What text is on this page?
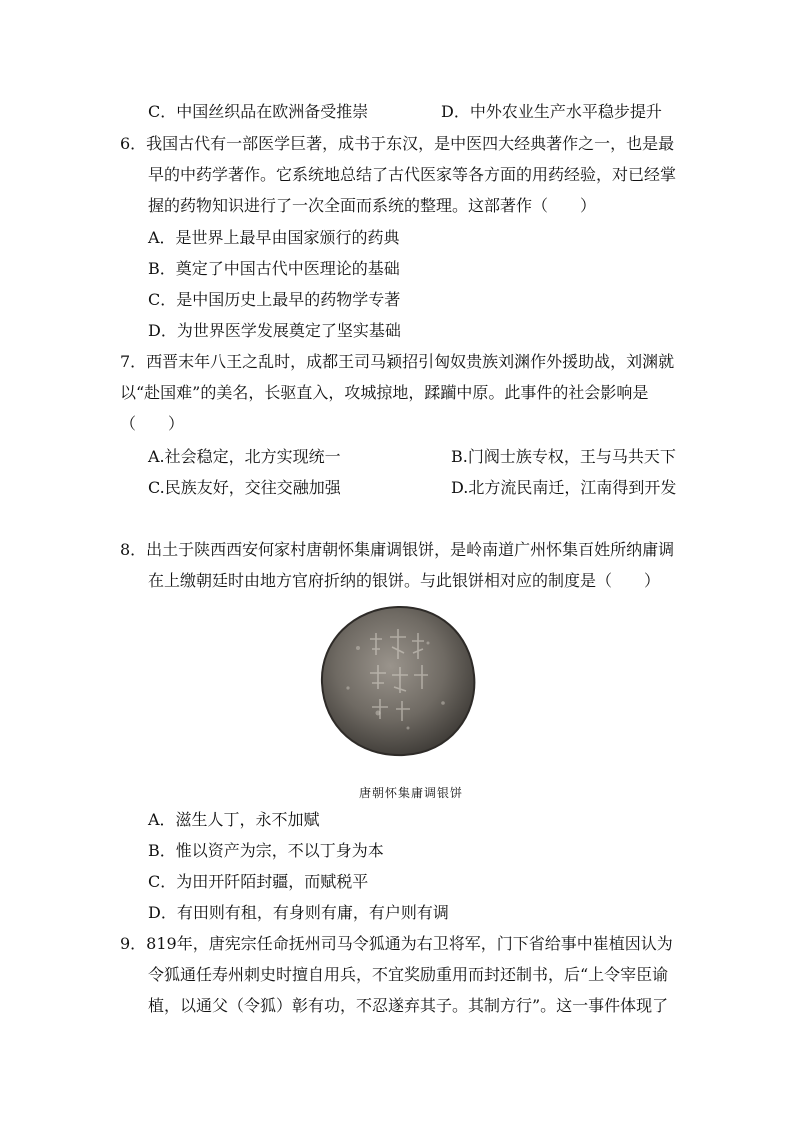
C．中国丝织品在欧洲备受推崇	D．中外农业生产水平稳步提升
6．我国古代有一部医学巨著，成书于东汉，是中医四大经典著作之一，也是最
早的中药学著作。它系统地总结了古代医家等各方面的用药经验，对已经掌
握的药物知识进行了一次全面而系统的整理。这部著作（　　）
A．是世界上最早由国家颁行的药典
B．奠定了中国古代中医理论的基础
C．是中国历史上最早的药物学专著
D．为世界医学发展奠定了坚实基础
7．西晋末年八王之乱时，成都王司马颖招引匈奴贵族刘渊作外援助战，刘渊就
以“赴国难”的美名，长驱直入，攻城掠地，蹂躏中原。此事件的社会影响是
（　　）
A.社会稳定，北方实现统一	B.门阀士族专权，王与马共天下
C.民族友好，交往交融加强	D.北方流民南迁，江南得到开发
8．出土于陕西西安何家村唐朝怀集庸调银饼，是岭南道广州怀集百姓所纳庸调
在上缴朝廷时由地方官府折纳的银饼。与此银饼相对应的制度是（　　）
唐朝怀集庸调银饼
A．滋生人丁，永不加赋
B．惟以资产为宗，不以丁身为本
C．为田开阡陌封疆，而赋税平
D．有田则有租，有身则有庸，有户则有调
9．819年，唐宪宗任命抚州司马令狐通为右卫将军，门下省给事中崔植因认为
令狐通任寿州刺史时擅自用兵，不宜奖励重用而封还制书，后“上令宰臣谕
植，以通父（令狐）彰有功，不忍遂弃其子。其制方行”。这一事件体现了
